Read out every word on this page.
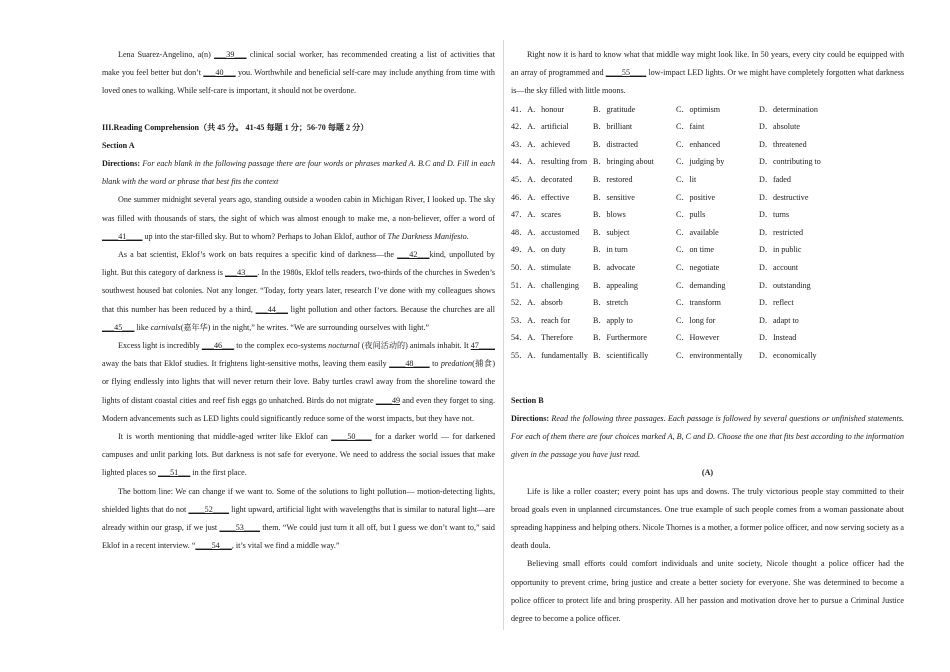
Lena Suarez-Angelino, a(n) ___39___ clinical social worker, has recommended creating a list of activities that make you feel better but don’t ___40___ you. Worthwhile and beneficial self-care may include anything from time with loved ones to walking. While self-care is important, it should not be overdone.

III.Reading Comprehension（共 45 分。 41-45 每题 1 分；56-70 每题 2 分）

Section A

Directions: For each blank in the following passage there are four words or phrases marked A. B.C and D. Fill in each blank with the word or phrase that best fits the context

One summer midnight several years ago, standing outside a wooden cabin in Michigan River, I looked up. The sky was filled with thousands of stars, the sight of which was almost enough to make me, a non-believer, offer a word of ____41____ up into the star-filled sky. But to whom? Perhaps to Johan Eklof, author of The Darkness Manifesto.

As a bat scientist, Eklof’s work on bats requires a specific kind of darkness—the ___42___kind, unpolluted by light. But this category of darkness is ___43___. In the 1980s, Eklof tells readers, two-thirds of the churches in Sweden’s southwest housed bat colonies. Not any longer. “Today, forty years later, research I’ve done with my colleagues shows that this number has been reduced by a third, ___44___ light pollution and other factors. Because the churches are all ___45___ like carnivals(嘉年华) in the night,” he writes. “We are surrounding ourselves with light.”

Excess light is incredibly ___46___ to the complex eco-systems nocturnal (夜间活动的) animals inhabit. It 47____ away the bats that Eklof studies. It frightens light-sensitive moths, leaving them easily ____48____ to predation(捕食) or flying endlessly into lights that will never return their love. Baby turtles crawl away from the shoreline toward the lights of distant coastal cities and reef fish eggs go unhatched. Birds do not migrate ____49 and even they forget to sing. Modern advancements such as LED lights could significantly reduce some of the worst impacts, but they have not.

It is worth mentioning that middle-aged writer like Eklof can ____50____ for a darker world — for darkened campuses and unlit parking lots. But darkness is not safe for everyone. We need to address the social issues that make lighted places so ___51___ in the first place.

The bottom line: We can change if we want to. Some of the solutions to light pollution— motion-detecting lights, shielded lights that do not ____52____ light upward, artificial light with wavelengths that is similar to natural light—are already within our grasp, if we just ____53____ them. “We could just turn it all off, but I guess we don’t want to,” said Eklof in a recent interview. “____54___, it’s vital we find a middle way.”

Right now it is hard to know what that middle way might look like. In 50 years, every city could be equipped with an array of programmed and ____55____ low-impact LED lights. Or we might have completely forgotten what darkness is—the sky filled with little moons.

41．A．honour	B．gratitude	C．optimism	D．determination
42．A．artificial	B．brilliant	C．faint	D．absolute
43．A．achieved	B．distracted	C．enhanced	D．threatened
44．A．resulting from B．bringing about	C．judging by	D．contributing to
45．A．decorated	B．restored	C．lit	D．faded
46．A．effective	B．sensitive	C．positive	D．destructive
47．A．scares	B．blows	C．pulls	D．turns
48．A．accustomed	B．subject	C．available	D．restricted
49．A．on duty	B．in turn	C．on time	D．in public
50．A．stimulate	B．advocate	C．negotiate	D．account
51．A．challenging	B．appealing	C．demanding	D．outstanding
52．A．absorb	B．stretch	C．transform	D．reflect
53．A．reach for	B．apply to	C．long for	D．adapt to
54．A．Therefore	B．Furthermore	C．However	D．Instead
55．A．fundamentally B．scientifically	C．environmentally	D．economically

Section B

Directions: Read the following three passages. Each passage is followed by several questions or unfinished statements. For each of them there are four choices marked A, B, C and D. Choose the one that fits best according to the information given in the passage you have just read.

(A)

Life is like a roller coaster; every point has ups and downs. The truly victorious people stay committed to their broad goals even in unplanned circumstances. One true example of such people comes from a woman passionate about spreading happiness and helping others. Nicole Thornes is a mother, a former police officer, and now serving society as a death doula.

Believing small efforts could comfort individuals and unite society, Nicole thought a police officer had the opportunity to prevent crime, bring justice and create a better society for everyone. She was determined to become a police officer to protect life and bring prosperity. All her passion and motivation drove her to pursue a Criminal Justice degree to become a police officer.
